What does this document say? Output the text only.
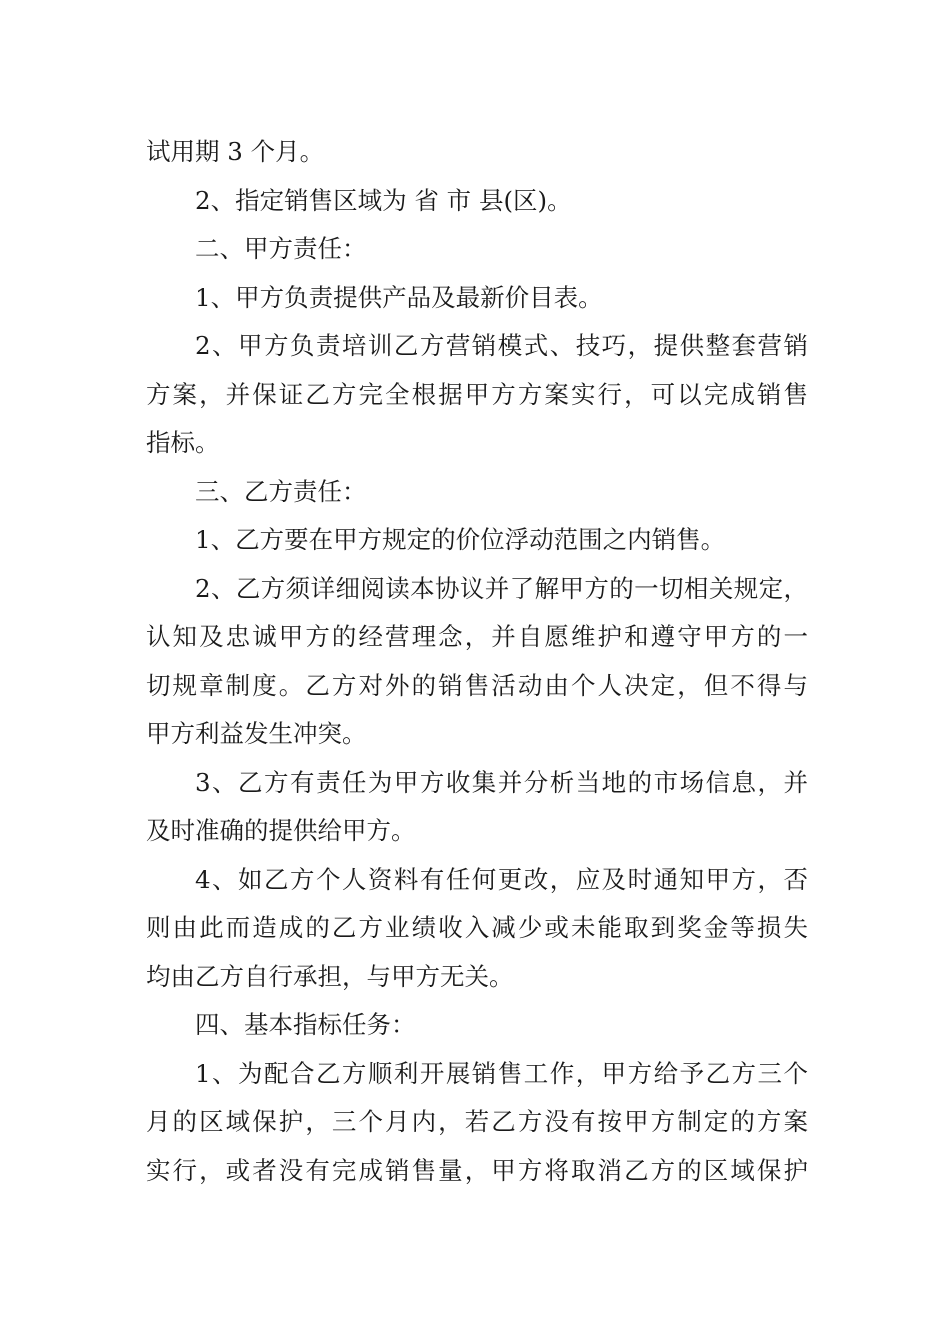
试用期 3 个月。
2、指定销售区域为 省 市 县(区)。
二、甲方责任：
1、甲方负责提供产品及最新价目表。
2、甲方负责培训乙方营销模式、技巧，提供整套营销
方案，并保证乙方完全根据甲方方案实行，可以完成销售
指标。
三、乙方责任：
1、乙方要在甲方规定的价位浮动范围之内销售。
2、乙方须详细阅读本协议并了解甲方的一切相关规定，
认知及忠诚甲方的经营理念，并自愿维护和遵守甲方的一
切规章制度。乙方对外的销售活动由个人决定，但不得与
甲方利益发生冲突。
3、乙方有责任为甲方收集并分析当地的市场信息，并
及时准确的提供给甲方。
4、如乙方个人资料有任何更改，应及时通知甲方，否
则由此而造成的乙方业绩收入减少或未能取到奖金等损失
均由乙方自行承担，与甲方无关。
四、基本指标任务：
1、为配合乙方顺利开展销售工作，甲方给予乙方三个
月的区域保护，三个月内，若乙方没有按甲方制定的方案
实行，或者没有完成销售量，甲方将取消乙方的区域保护
